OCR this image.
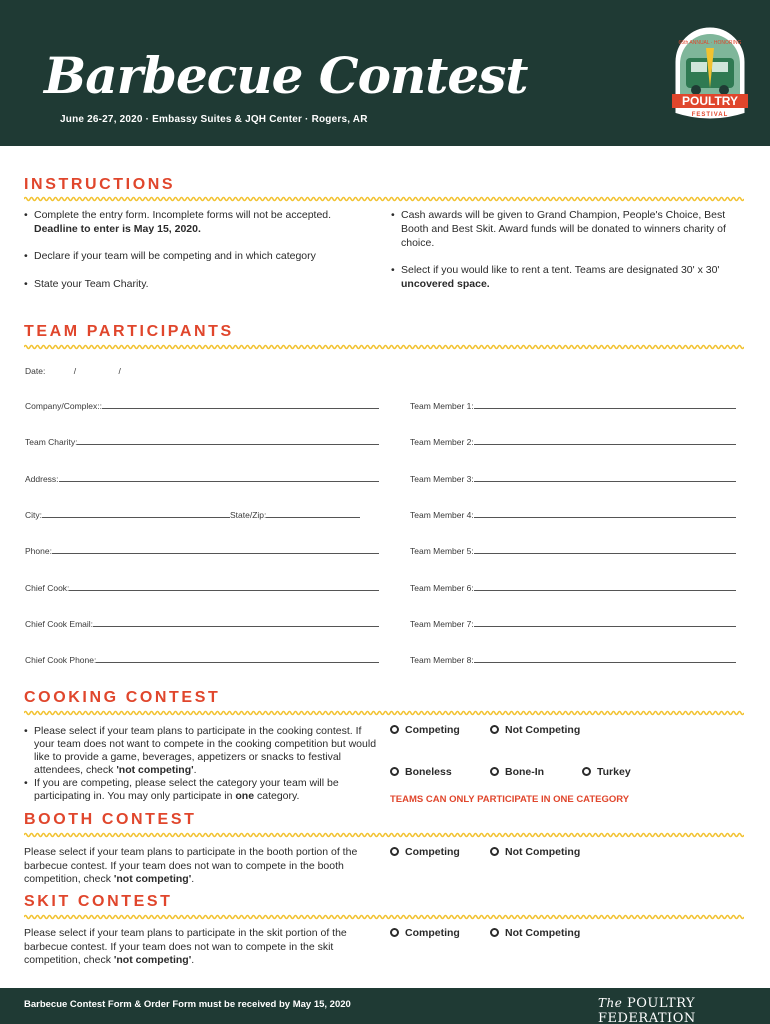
Barbecue Contest
June 26-27, 2020 · Embassy Suites & JQH Center · Rogers, AR
65th ANNUAL · HONORING
POULTRY
FESTIVAL
INSTRUCTIONS
• Complete the entry form. Incomplete forms will not be accepted.
Deadline to enter is May 15, 2020.
• Declare if your team will be competing and in which category
• State your Team Charity.
• Cash awards will be given to Grand Champion, People's Choice, Best Booth and Best Skit. Award funds will be donated to winners charity of choice.
• Select if you would like to rent a tent. Teams are designated 30' x 30' uncovered space.
TEAM PARTICIPANTS
Date:	/	/
Company/Complex::
Team Charity:
Address:
City:	State/Zip:
Phone:
Chief Cook:
Chief Cook Email:
Chief Cook Phone:
Team Member 1:
Team Member 2:
Team Member 3:
Team Member 4:
Team Member 5:
Team Member 6:
Team Member 7:
Team Member 8:
COOKING CONTEST
• Please select if your team plans to participate in the cooking contest. If your team does not want to compete in the cooking competition but would like to provide a game, beverages, appetizers or snacks to festival attendees, check 'not competing'.
• If you are competing, please select the category your team will be participating in. You may only participate in one category.
Competing	Not Competing
Boneless	Bone-In	Turkey
TEAMS CAN ONLY PARTICIPATE IN ONE CATEGORY
BOOTH CONTEST
Please select if your team plans to participate in the booth portion of the barbecue contest. If your team does not wan to compete in the booth competition, check 'not competing'.
Competing	Not Competing
SKIT CONTEST
Please select if your team plans to participate in the skit portion of the barbecue contest. If your team does not wan to compete in the skit competition, check 'not competing'.
Competing	Not Competing
Barbecue Contest Form & Order Form must be received by May 15, 2020	The POULTRY FEDERATION
